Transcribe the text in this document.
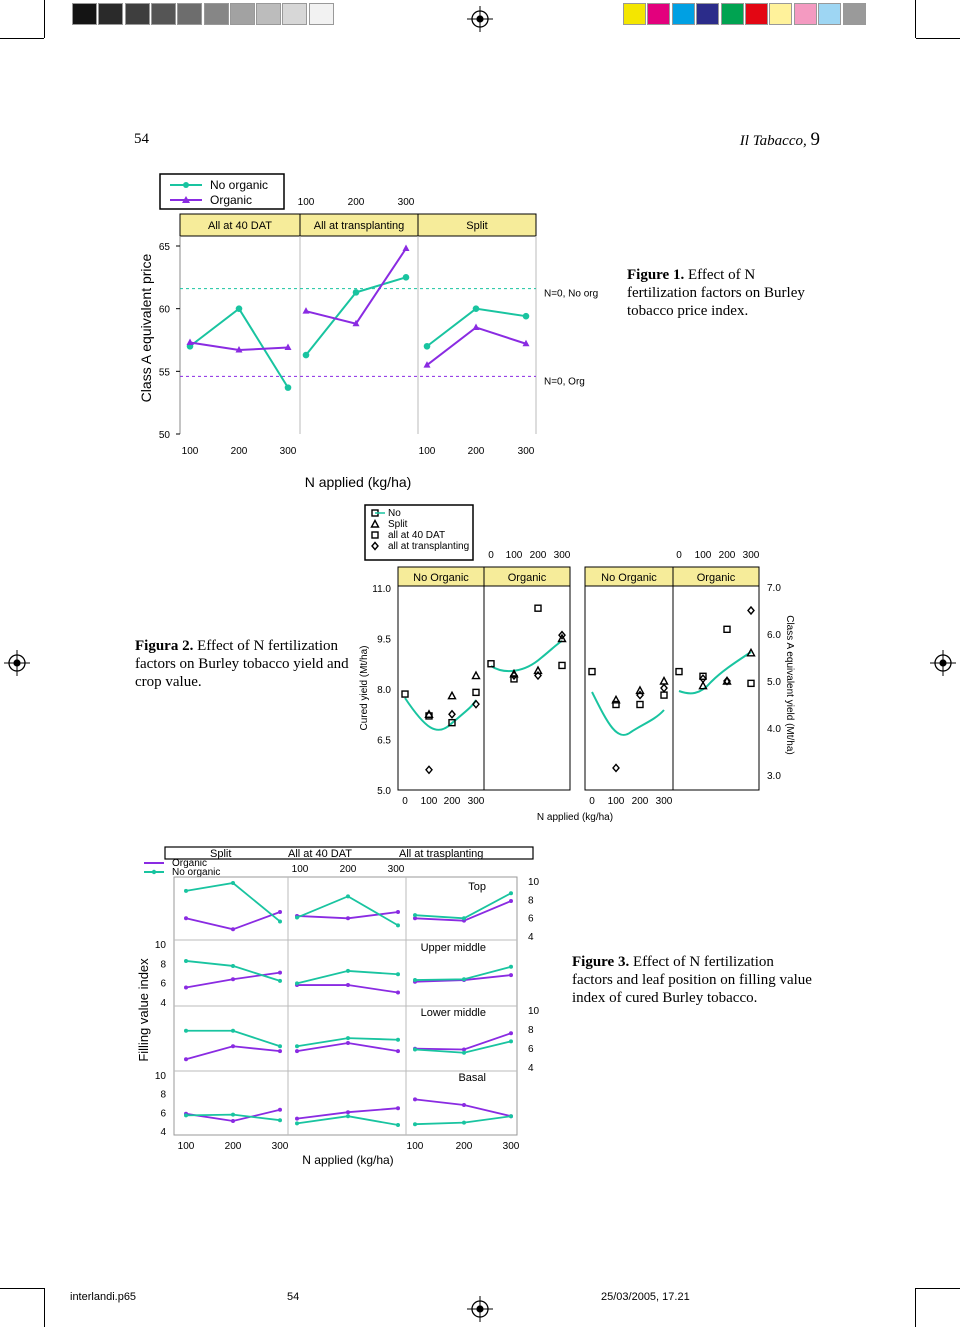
54	Il Tabacco, 9
No organic
Organic
All at 40 DAT	All at transplanting	Split
50
55
60
65
Class A equivalent price	N=0, No org
N=0, Org
100	200	300	100	200	300
100	200	300
N applied (kg/ha)
Figure 1. Effect of N fertilization factors on Burley tobacco price index.
Figura 2. Effect of N fertilization factors on Burley tobacco yield and crop value.
No
Split
all at 40 DAT
all at transplanting
No Organic	Organic	No Organic	Organic
5.0
6.5
8.0
9.5
11.0
3.0
4.0
5.0
6.0
7.0
Cured yield (Mt/ha)	Class A equivalent yield (Mt/ha)
0 100 200 300	0 100 200 300
0 100 200 300	0 100 200 300
N applied (kg/ha)
Split	All at 40 DAT	All at trasplanting
Organic
No organic	100	200	300
Top
Upper middle
Lower middle
Basal
4
6
8
10
4
6
8
10
4
6
8
10
4
6
8
10
Filling value index
100	200	300	100	200	300
N applied (kg/ha)
Figure 3. Effect of N fertilization factors and leaf position on filling value index of cured Burley tobacco.
interlandi.p65	54	25/03/2005, 17.21
